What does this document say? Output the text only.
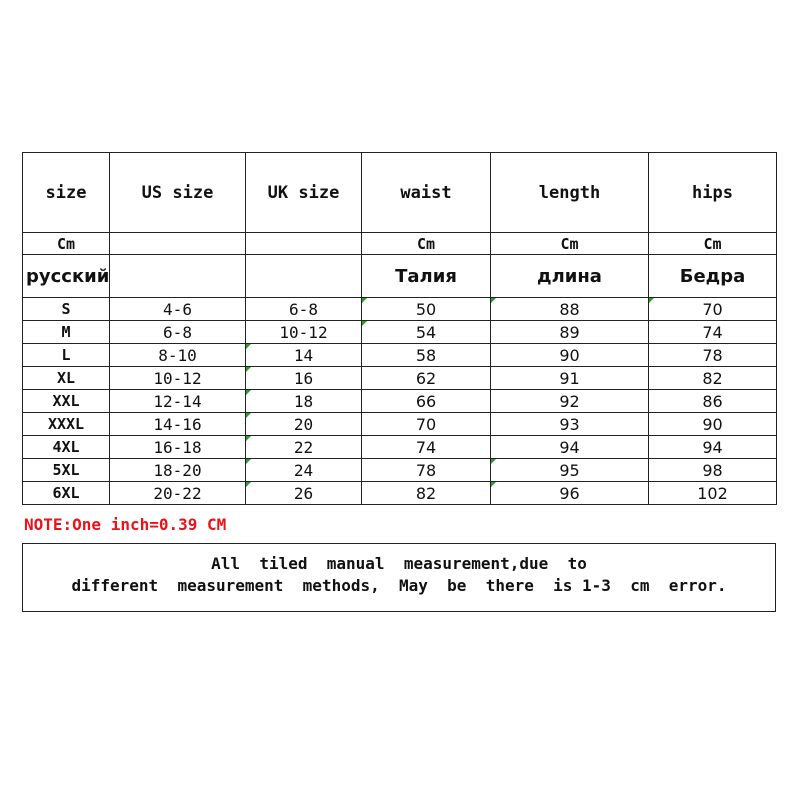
size	US size	UK size	waist	length	hips
Cm			Cm	Cm	Cm
русский			Талия	длина	Бедра
S	4-6	6-8	50	88	70
M	6-8	10-12	54	89	74
L	8-10	14	58	90	78
XL	10-12	16	62	91	82
XXL	12-14	18	66	92	86
XXXL	14-16	20	70	93	90
4XL	16-18	22	74	94	94
5XL	18-20	24	78	95	98
6XL	20-22	26	82	96	102
NOTE:One inch=0.39 CM
All  tiled  manual  measurement,due  to
different  measurement  methods,  May  be  there  is 1-3  cm  error.
